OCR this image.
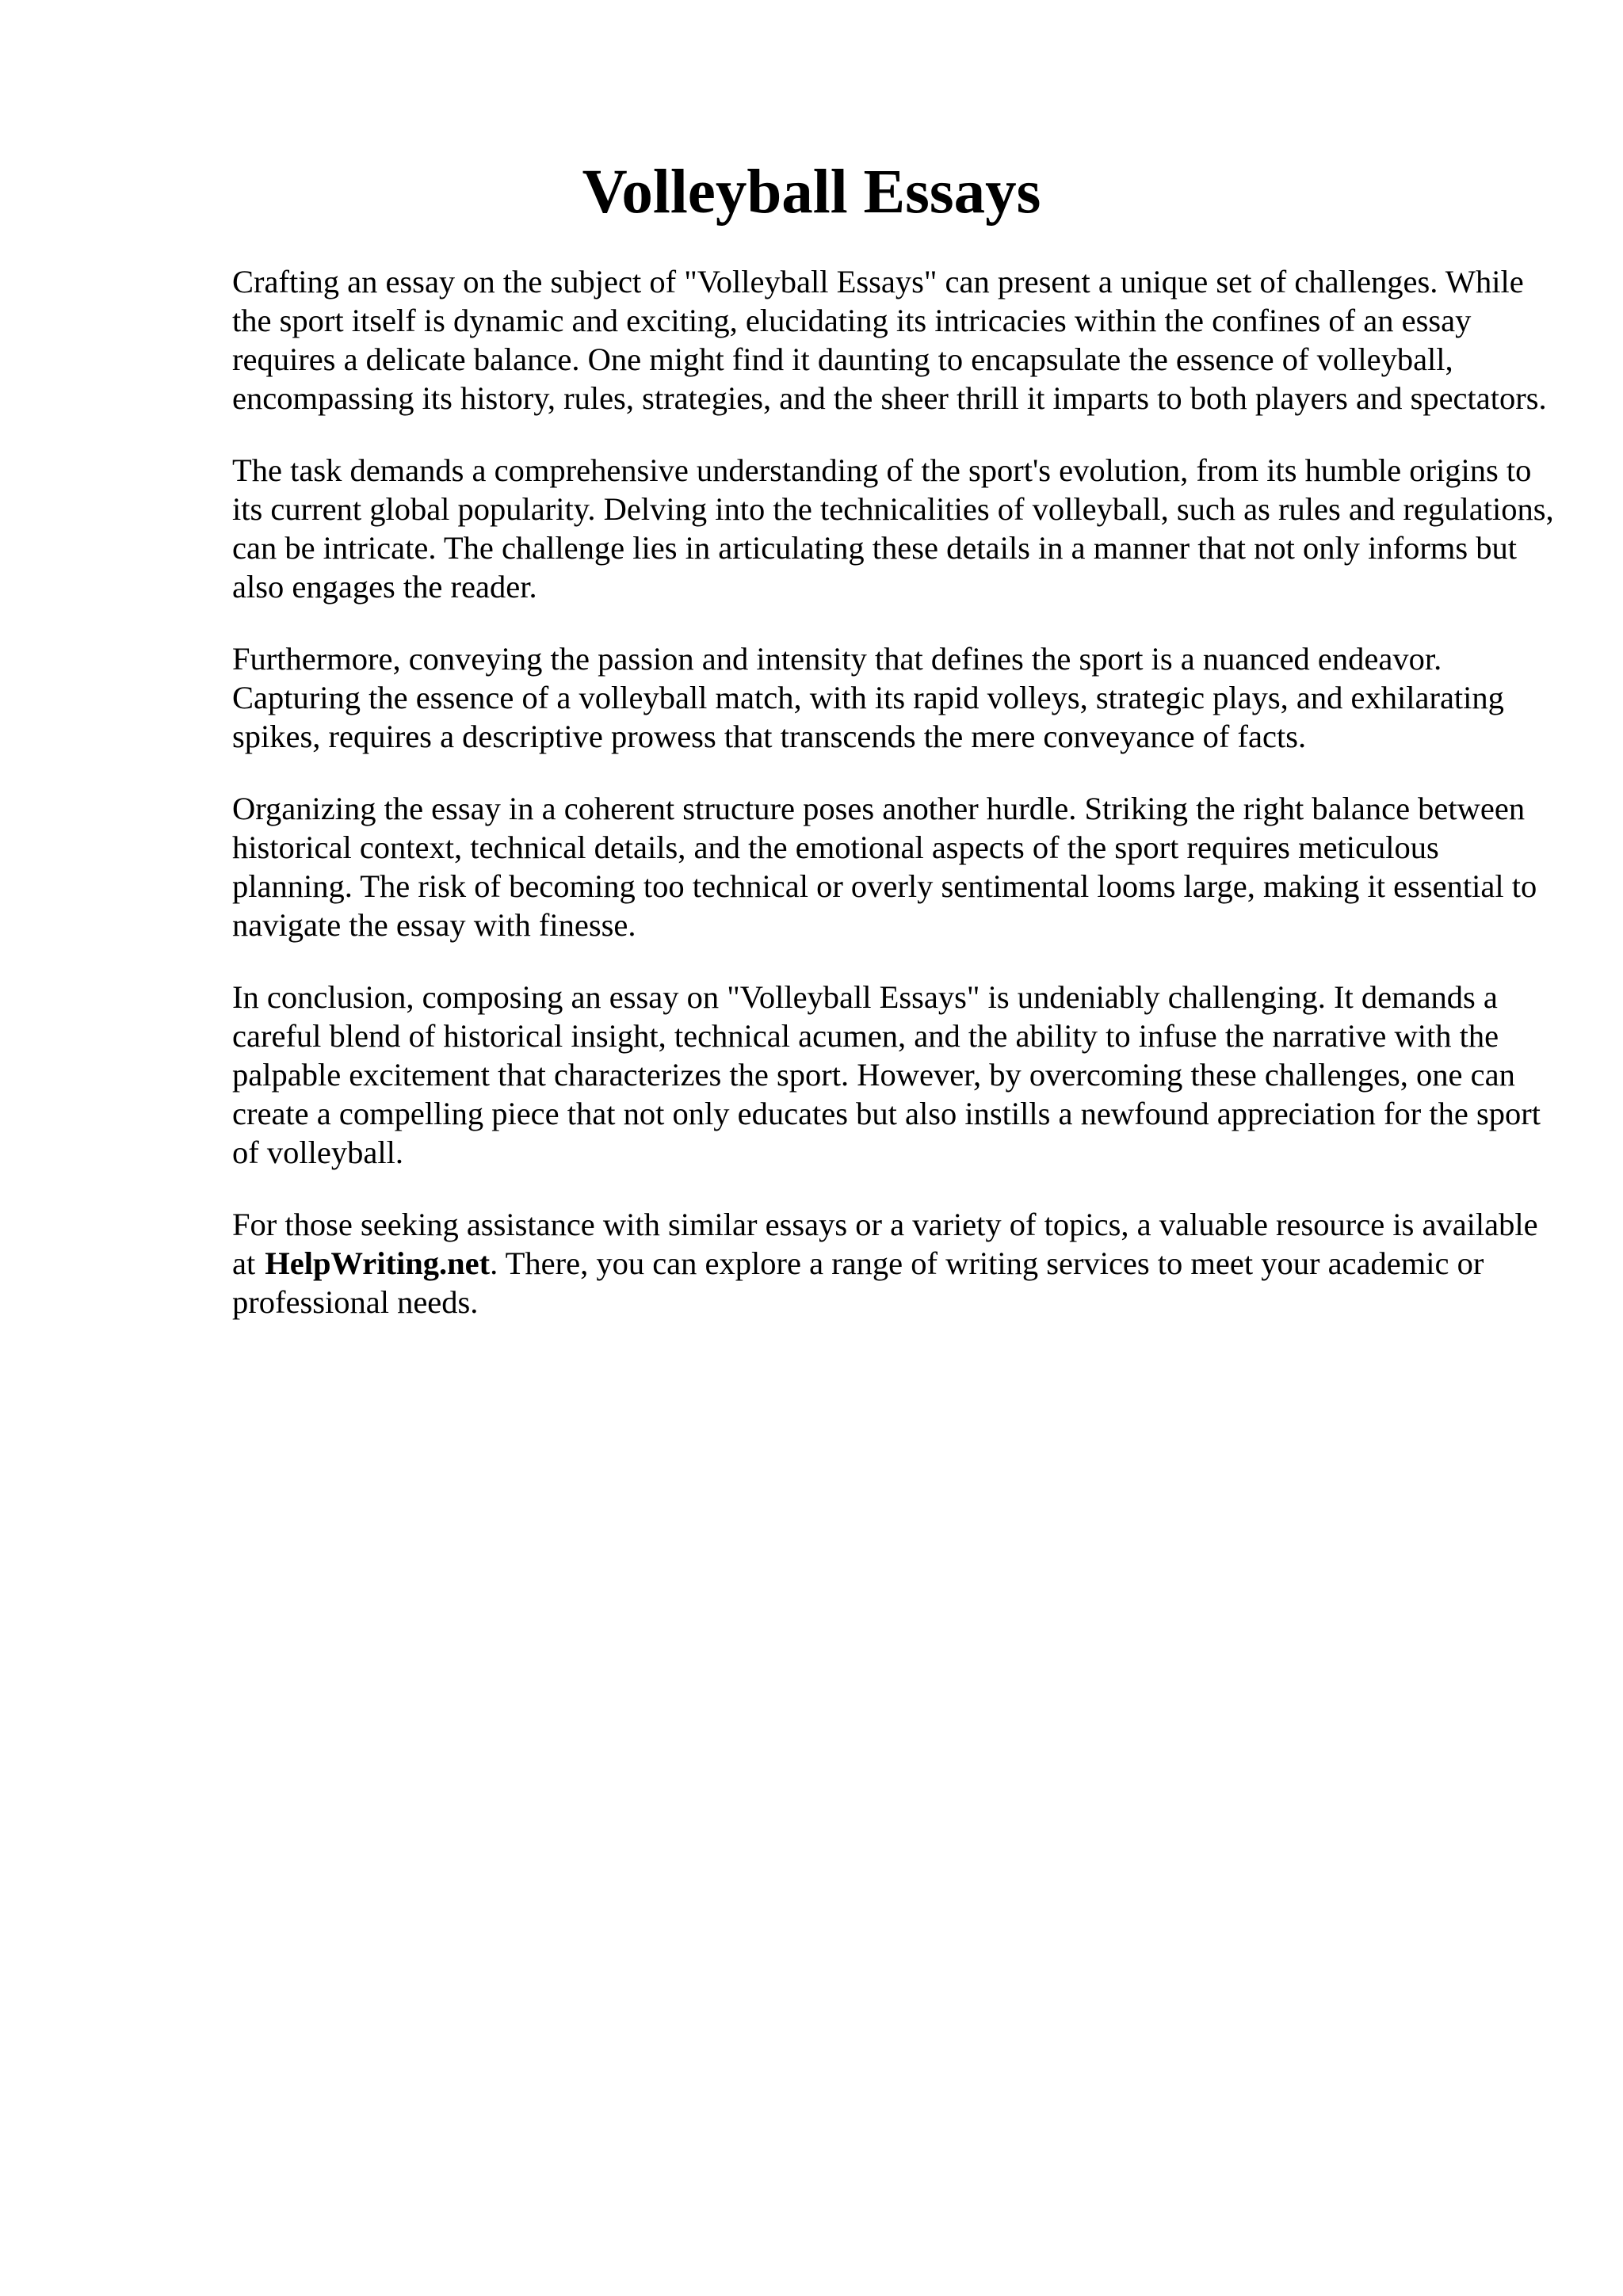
Volleyball Essays

Crafting an essay on the subject of "Volleyball Essays" can present a unique set of challenges. While the sport itself is dynamic and exciting, elucidating its intricacies within the confines of an essay requires a delicate balance. One might find it daunting to encapsulate the essence of volleyball, encompassing its history, rules, strategies, and the sheer thrill it imparts to both players and spectators.

The task demands a comprehensive understanding of the sport's evolution, from its humble origins to its current global popularity. Delving into the technicalities of volleyball, such as rules and regulations, can be intricate. The challenge lies in articulating these details in a manner that not only informs but also engages the reader.

Furthermore, conveying the passion and intensity that defines the sport is a nuanced endeavor. Capturing the essence of a volleyball match, with its rapid volleys, strategic plays, and exhilarating spikes, requires a descriptive prowess that transcends the mere conveyance of facts.

Organizing the essay in a coherent structure poses another hurdle. Striking the right balance between historical context, technical details, and the emotional aspects of the sport requires meticulous planning. The risk of becoming too technical or overly sentimental looms large, making it essential to navigate the essay with finesse.

In conclusion, composing an essay on "Volleyball Essays" is undeniably challenging. It demands a careful blend of historical insight, technical acumen, and the ability to infuse the narrative with the palpable excitement that characterizes the sport. However, by overcoming these challenges, one can create a compelling piece that not only educates but also instills a newfound appreciation for the sport of volleyball.

For those seeking assistance with similar essays or a variety of topics, a valuable resource is available at HelpWriting.net. There, you can explore a range of writing services to meet your academic or professional needs.
